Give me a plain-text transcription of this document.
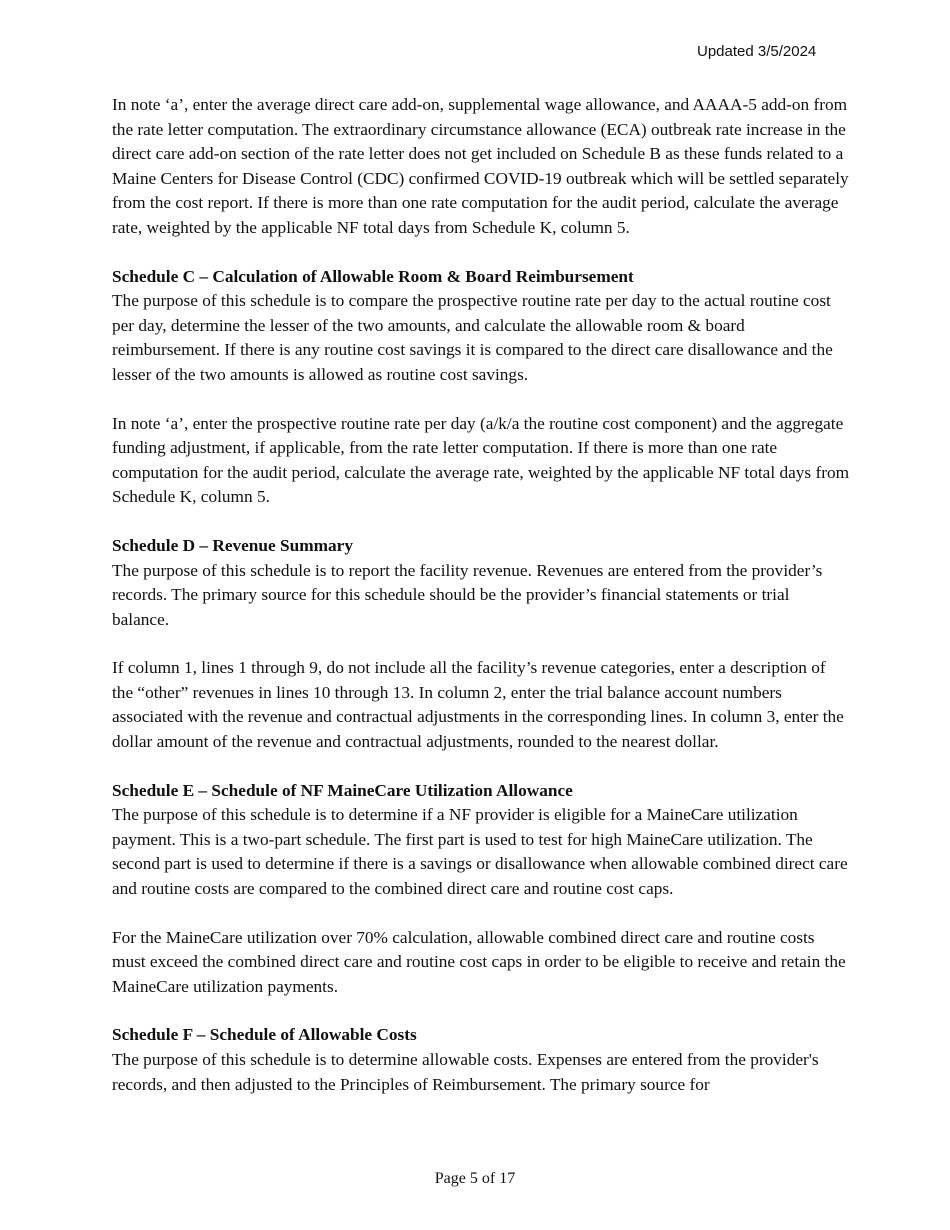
Updated 3/5/2024

In note ‘a’, enter the average direct care add-on, supplemental wage allowance, and AAAA-5 add-on from the rate letter computation. The extraordinary circumstance allowance (ECA) outbreak rate increase in the direct care add-on section of the rate letter does not get included on Schedule B as these funds related to a Maine Centers for Disease Control (CDC) confirmed COVID-19 outbreak which will be settled separately from the cost report. If there is more than one rate computation for the audit period, calculate the average rate, weighted by the applicable NF total days from Schedule K, column 5.

Schedule C – Calculation of Allowable Room & Board Reimbursement

The purpose of this schedule is to compare the prospective routine rate per day to the actual routine cost per day, determine the lesser of the two amounts, and calculate the allowable room & board reimbursement. If there is any routine cost savings it is compared to the direct care disallowance and the lesser of the two amounts is allowed as routine cost savings.

In note ‘a’, enter the prospective routine rate per day (a/k/a the routine cost component) and the aggregate funding adjustment, if applicable, from the rate letter computation. If there is more than one rate computation for the audit period, calculate the average rate, weighted by the applicable NF total days from Schedule K, column 5.

Schedule D – Revenue Summary

The purpose of this schedule is to report the facility revenue. Revenues are entered from the provider’s records. The primary source for this schedule should be the provider’s financial statements or trial balance.

If column 1, lines 1 through 9, do not include all the facility’s revenue categories, enter a description of the “other” revenues in lines 10 through 13. In column 2, enter the trial balance account numbers associated with the revenue and contractual adjustments in the corresponding lines. In column 3, enter the dollar amount of the revenue and contractual adjustments, rounded to the nearest dollar.

Schedule E – Schedule of NF MaineCare Utilization Allowance

The purpose of this schedule is to determine if a NF provider is eligible for a MaineCare utilization payment. This is a two-part schedule. The first part is used to test for high MaineCare utilization. The second part is used to determine if there is a savings or disallowance when allowable combined direct care and routine costs are compared to the combined direct care and routine cost caps.

For the MaineCare utilization over 70% calculation, allowable combined direct care and routine costs must exceed the combined direct care and routine cost caps in order to be eligible to receive and retain the MaineCare utilization payments.

Schedule F – Schedule of Allowable Costs

The purpose of this schedule is to determine allowable costs. Expenses are entered from the provider's records, and then adjusted to the Principles of Reimbursement. The primary source for

Page 5 of 17
